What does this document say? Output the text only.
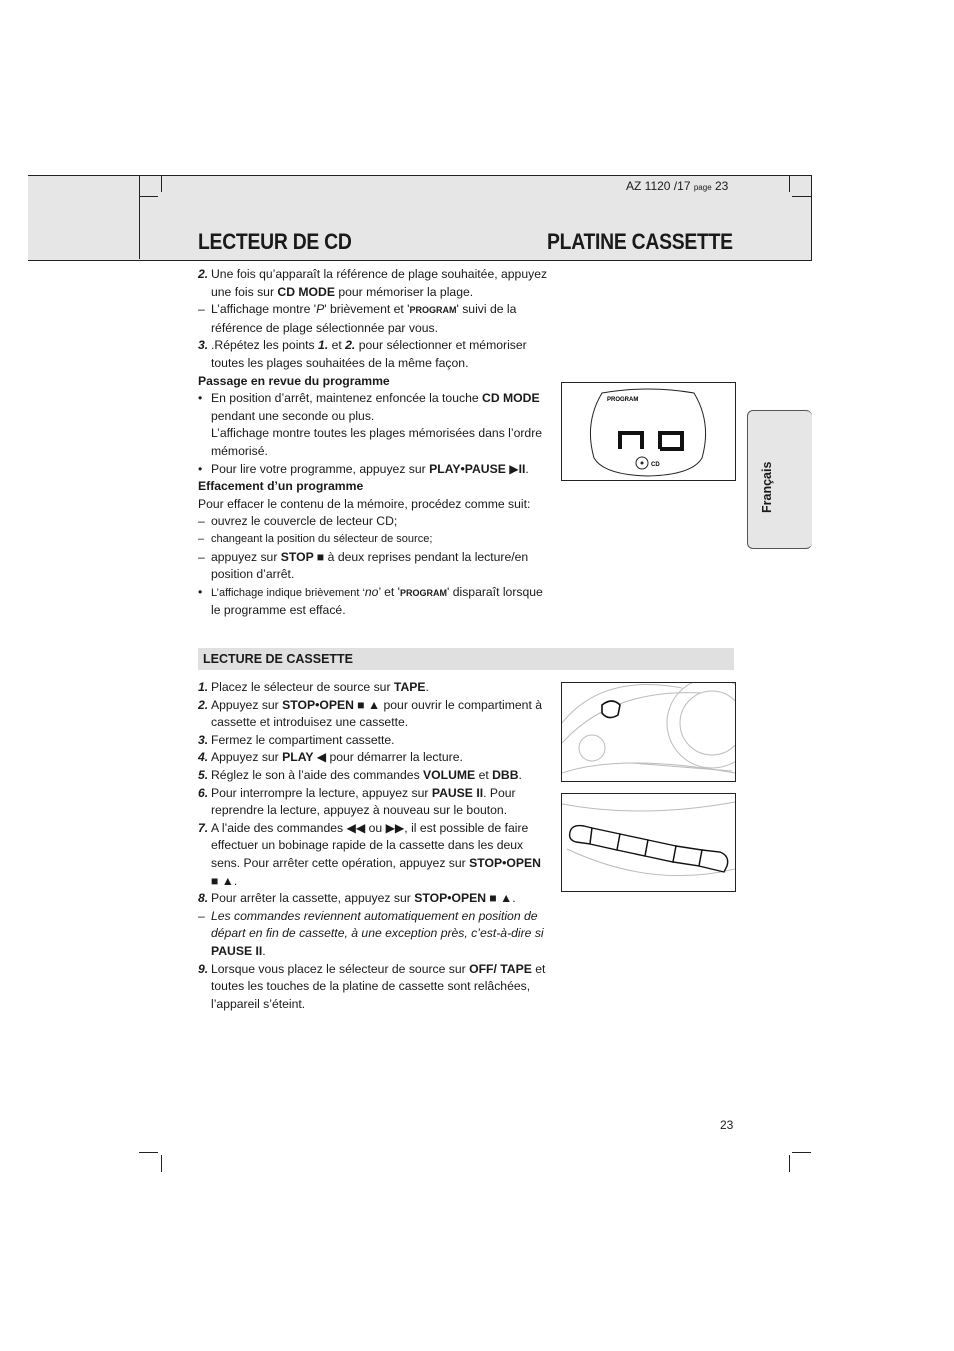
AZ 1120 /17 page 23
LECTEUR DE CD	PLATINE CASSETTE
Français

2. Une fois qu’apparaît la référence de plage souhaitée, appuyez une fois sur CD MODE pour mémoriser la plage.

– L’affichage montre 'P' brièvement et 'PROGRAM' suivi de la référence de plage sélectionnée par vous.

3. .Répétez les points 1. et 2. pour sélectionner et mémoriser toutes les plages souhaitées de la même façon.

Passage en revue du programme

• En position d’arrêt, maintenez enfoncée la touche CD MODE pendant une seconde ou plus.
L’affichage montre toutes les plages mémorisées dans l’ordre mémorisé.

• Pour lire votre programme, appuyez sur PLAY•PAUSE ▶II.

Effacement d’un programme

Pour effacer le contenu de la mémoire, procédez comme suit:

– ouvrez le couvercle de lecteur CD;

– changeant la position du sélecteur de source;

– appuyez sur STOP ■ à deux reprises pendant la lecture/en position d’arrêt.

• L’affichage indique brièvement ‘no’ et 'PROGRAM' disparaît lorsque le programme est effacé.

PROGRAM
CD
LECTURE DE CASSETTE

1. Placez le sélecteur de source sur TAPE.

2. Appuyez sur STOP•OPEN ■ ▲ pour ouvrir le compartiment à cassette et introduisez une cassette.

3. Fermez le compartiment cassette.

4. Appuyez sur PLAY ◀ pour démarrer la lecture.

5. Réglez le son à l’aide des commandes VOLUME et DBB.

6. Pour interrompre la lecture, appuyez sur PAUSE II. Pour reprendre la lecture, appuyez à nouveau sur le bouton.

7. A l’aide des commandes ◀◀ ou ▶▶, il est possible de faire effectuer un bobinage rapide de la cassette dans les deux sens. Pour arrêter cette opération, appuyez sur STOP•OPEN ■ ▲.

8. Pour arrêter la cassette, appuyez sur STOP•OPEN ■ ▲.

– Les commandes reviennent automatiquement en position de départ en fin de cassette, à une exception près, c’est-à-dire si PAUSE II.

9. Lorsque vous placez le sélecteur de source sur OFF/ TAPE et toutes les touches de la platine de cassette sont relâchées, l’appareil s’éteint.

23
